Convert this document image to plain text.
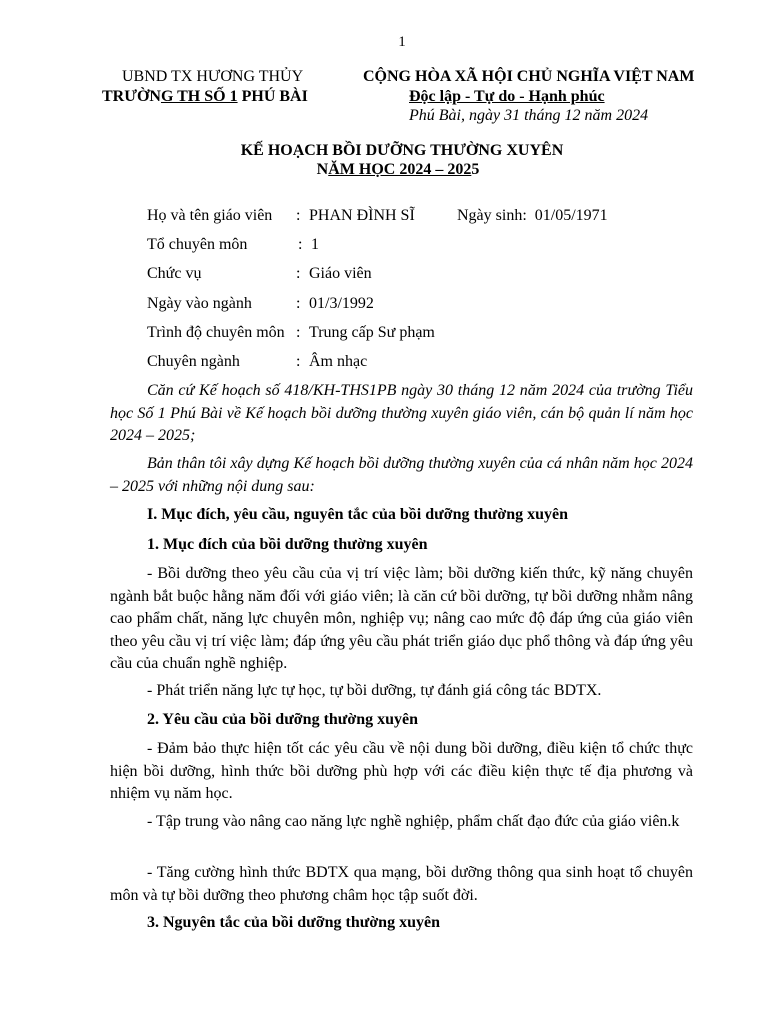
1
UBND TX HƯƠNG THỦY
TRƯỜNG TH SỐ 1 PHÚ BÀI
CỘNG HÒA XÃ HỘI CHỦ NGHĨA VIỆT NAM
Độc lập - Tự do - Hạnh phúc
Phú Bài, ngày 31 tháng 12 năm 2024
KẾ HOẠCH BỒI DƯỠNG THƯỜNG XUYÊN
NĂM HỌC 2024 – 2025
Họ và tên giáo viên : PHAN ĐÌNH SĨ	Ngày sinh: 01/05/1971
Tổ chuyên môn	: 1
Chức vụ	: Giáo viên
Ngày vào ngành	: 01/3/1992
Trình độ chuyên môn : Trung cấp Sư phạm
Chuyên ngành	: Âm nhạc
Căn cứ Kế hoạch số 418/KH-THS1PB ngày 30 tháng 12 năm 2024 của trường Tiểu học Số 1 Phú Bài về Kế hoạch bồi dưỡng thường xuyên giáo viên, cán bộ quản lí năm học 2024 – 2025;
Bản thân tôi xây dựng Kế hoạch bồi dưỡng thường xuyên của cá nhân năm học 2024 – 2025 với những nội dung sau:
I. Mục đích, yêu cầu, nguyên tắc của bồi dưỡng thường xuyên
1. Mục đích của bồi dưỡng thường xuyên
- Bồi dưỡng theo yêu cầu của vị trí việc làm; bồi dưỡng kiến thức, kỹ năng chuyên ngành bắt buộc hằng năm đối với giáo viên; là căn cứ bồi dưỡng, tự bồi dưỡng nhằm nâng cao phẩm chất, năng lực chuyên môn, nghiệp vụ; nâng cao mức độ đáp ứng của giáo viên theo yêu cầu vị trí việc làm; đáp ứng yêu cầu phát triển giáo dục phổ thông và đáp ứng yêu cầu của chuẩn nghề nghiệp.
- Phát triển năng lực tự học, tự bồi dưỡng, tự đánh giá công tác BDTX.
2. Yêu cầu của bồi dưỡng thường xuyên
- Đảm bảo thực hiện tốt các yêu cầu về nội dung bồi dưỡng, điều kiện tổ chức thực hiện bồi dưỡng, hình thức bồi dưỡng phù hợp với các điều kiện thực tế địa phương và nhiệm vụ năm học.
- Tập trung vào nâng cao năng lực nghề nghiệp, phẩm chất đạo đức của giáo viên.k
- Tăng cường hình thức BDTX qua mạng, bồi dưỡng thông qua sinh hoạt tổ chuyên môn và tự bồi dưỡng theo phương châm học tập suốt đời.
3. Nguyên tắc của bồi dưỡng thường xuyên
